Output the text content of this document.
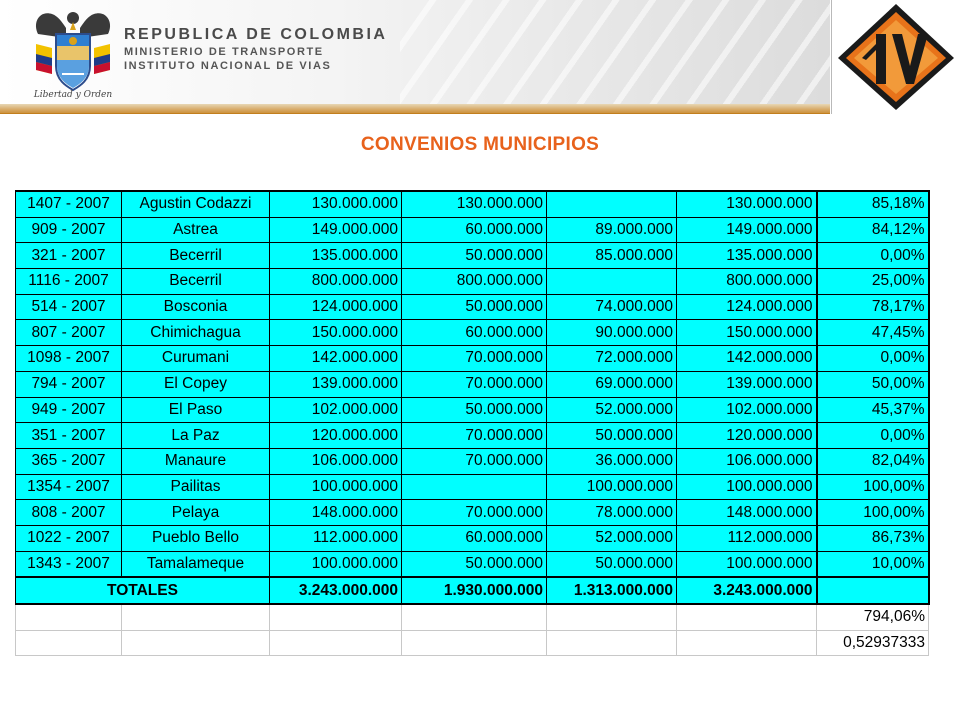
Libertad y Orden
REPUBLICA DE COLOMBIA
MINISTERIO DE TRANSPORTE
INSTITUTO NACIONAL DE VIAS
CONVENIOS MUNICIPIOS
1407 - 2007	Agustin Codazzi	130.000.000	130.000.000		130.000.000	85,18%
909 - 2007	Astrea	149.000.000	60.000.000	89.000.000	149.000.000	84,12%
321 - 2007	Becerril	135.000.000	50.000.000	85.000.000	135.000.000	0,00%
1116 - 2007	Becerril	800.000.000	800.000.000		800.000.000	25,00%
514 - 2007	Bosconia	124.000.000	50.000.000	74.000.000	124.000.000	78,17%
807 - 2007	Chimichagua	150.000.000	60.000.000	90.000.000	150.000.000	47,45%
1098 - 2007	Curumani	142.000.000	70.000.000	72.000.000	142.000.000	0,00%
794 - 2007	El Copey	139.000.000	70.000.000	69.000.000	139.000.000	50,00%
949 - 2007	El Paso	102.000.000	50.000.000	52.000.000	102.000.000	45,37%
351 - 2007	La Paz	120.000.000	70.000.000	50.000.000	120.000.000	0,00%
365 - 2007	Manaure	106.000.000	70.000.000	36.000.000	106.000.000	82,04%
1354 - 2007	Pailitas	100.000.000		100.000.000	100.000.000	100,00%
808 - 2007	Pelaya	148.000.000	70.000.000	78.000.000	148.000.000	100,00%
1022 - 2007	Pueblo Bello	112.000.000	60.000.000	52.000.000	112.000.000	86,73%
1343 - 2007	Tamalameque	100.000.000	50.000.000	50.000.000	100.000.000	10,00%
TOTALES		3.243.000.000	1.930.000.000	1.313.000.000	3.243.000.000	
						794,06%
						0,52937333
